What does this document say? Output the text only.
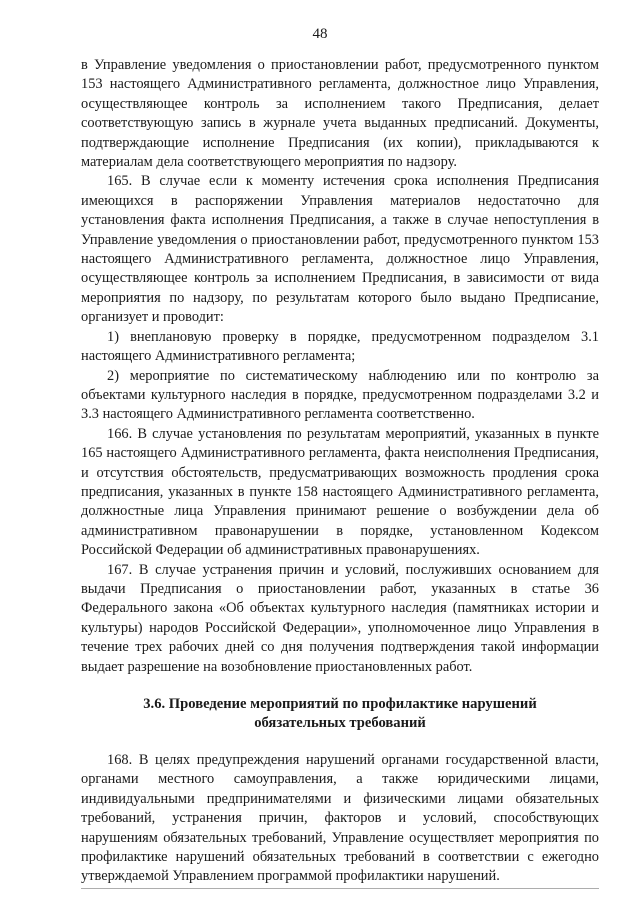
48

в Управление уведомления о приостановлении работ, предусмотренного пунктом 153 настоящего Административного регламента, должностное лицо Управления, осуществляющее контроль за исполнением такого Предписания, делает соответствующую запись в журнале учета выданных предписаний. Документы, подтверждающие исполнение Предписания (их копии), прикладываются к материалам дела соответствующего мероприятия по надзору.

165. В случае если к моменту истечения срока исполнения Предписания имеющихся в распоряжении Управления материалов недостаточно для установления факта исполнения Предписания, а также в случае непоступления в Управление уведомления о приостановлении работ, предусмотренного пунктом 153 настоящего Административного регламента, должностное лицо Управления, осуществляющее контроль за исполнением Предписания, в зависимости от вида мероприятия по надзору, по результатам которого было выдано Предписание, организует и проводит:

1) внеплановую проверку в порядке, предусмотренном подразделом 3.1 настоящего Административного регламента;

2) мероприятие по систематическому наблюдению или по контролю за объектами культурного наследия в порядке, предусмотренном подразделами 3.2 и 3.3 настоящего Административного регламента соответственно.

166. В случае установления по результатам мероприятий, указанных в пункте 165 настоящего Административного регламента, факта неисполнения Предписания, и отсутствия обстоятельств, предусматривающих возможность продления срока предписания, указанных в пункте 158 настоящего Административного регламента, должностные лица Управления принимают решение о возбуждении дела об административном правонарушении в порядке, установленном Кодексом Российской Федерации об административных правонарушениях.

167. В случае устранения причин и условий, послуживших основанием для выдачи Предписания о приостановлении работ, указанных в статье 36 Федерального закона «Об объектах культурного наследия (памятниках истории и культуры) народов Российской Федерации», уполномоченное лицо Управления в течение трех рабочих дней со дня получения подтверждения такой информации выдает разрешение на возобновление приостановленных работ.

3.6. Проведение мероприятий по профилактике нарушений
обязательных требований

168. В целях предупреждения нарушений органами государственной власти, органами местного самоуправления, а также юридическими лицами, индивидуальными предпринимателями и физическими лицами обязательных требований, устранения причин, факторов и условий, способствующих нарушениям обязательных требований, Управление осуществляет мероприятия по профилактике нарушений обязательных требований в соответствии с ежегодно утверждаемой Управлением программой профилактики нарушений.
